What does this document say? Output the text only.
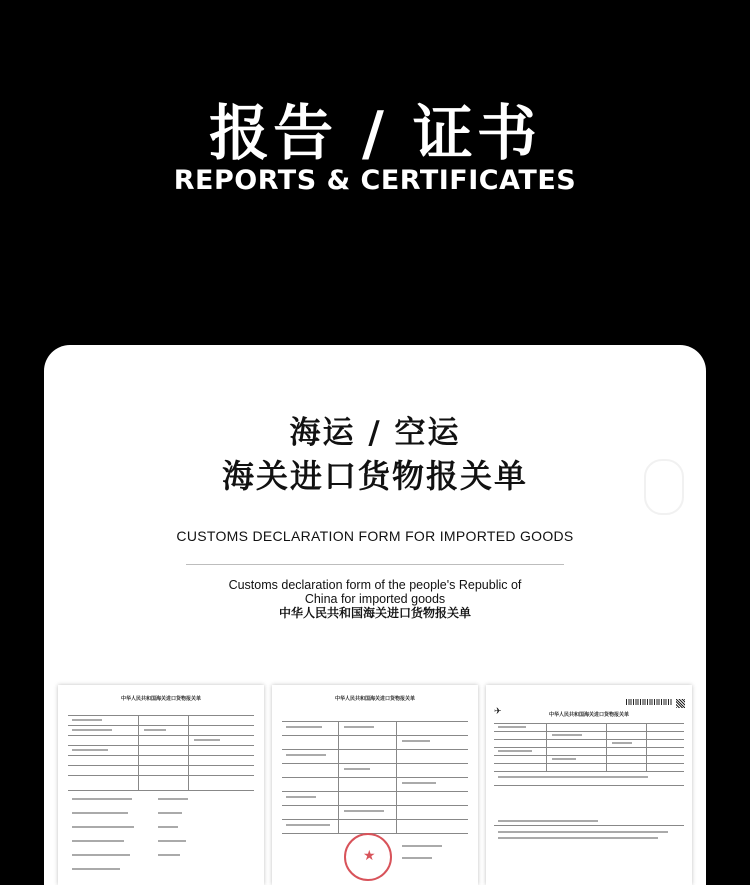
报告 / 证书
REPORTS & CERTIFICATES
海运 / 空运
海关进口货物报关单
CUSTOMS DECLARATION FORM FOR IMPORTED GOODS
Customs declaration form of the people's Republic of China for imported goods
中华人民共和国海关进口货物报关单
中华人民共和国海关进口货物报关单	中华人民共和国海关进口货物报关单
★
✈	中华人民共和国海关进口货物报关单
